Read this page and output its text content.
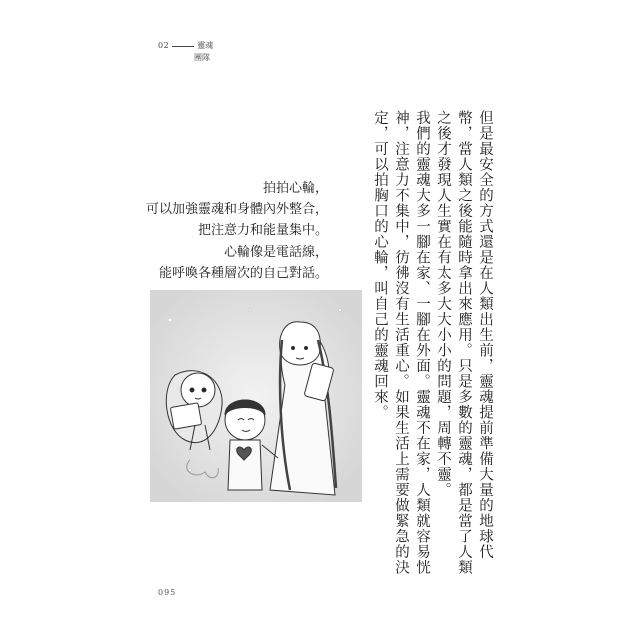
02	靈魂
團隊

但是最安全的方式還是在人類出生前，靈魂提前準備大量的地球代幣，當人類之後能隨時拿出來應用。只是多數的靈魂，都是當了人類之後才發現人生實在有太多大大小小的問題，周轉不靈。

我們的靈魂大多一腳在家、一腳在外面。靈魂不在家，人類就容易恍神，注意力不集中，彷彿沒有生活重心。如果生活上需要做緊急的決定，可以拍胸口的心輪，叫自己的靈魂回來。

拍拍心輪，
可以加強靈魂和身體內外整合，
把注意力和能量集中。
心輪像是電話線，
能呼喚各種層次的自己對話。
095
